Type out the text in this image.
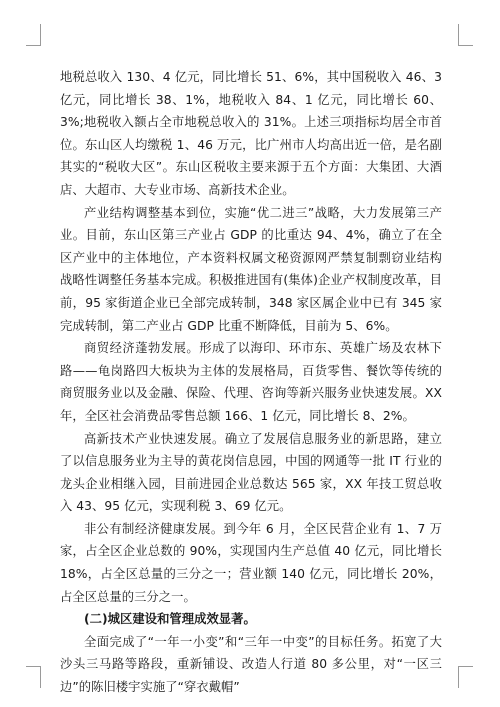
地税总收入 130、4 亿元，同比增长 51、6%，其中国税收入 46、3 亿元，同比增长 38、1%，地税收入 84、1 亿元，同比增长 60、3%;地税收入额占全市地税总收入的 31%。上述三项指标均居全市首位。东山区人均缴税 1、46 万元，比广州市人均高出近一倍，是名副其实的“税收大区”。东山区税收主要来源于五个方面：大集团、大酒店、大超市、大专业市场、高新技术企业。

产业结构调整基本到位，实施“优二进三”战略，大力发展第三产业。目前，东山区第三产业占 GDP 的比重达 94、4%，确立了在全区产业中的主体地位，产本资料权属文秘资源网严禁复制剽窃业结构战略性调整任务基本完成。积极推进国有(集体)企业产权制度改革，目前，95 家街道企业已全部完成转制，348 家区属企业中已有 345 家完成转制，第二产业占 GDP 比重不断降低，目前为 5、6%。

商贸经济蓬勃发展。形成了以海印、环市东、英雄广场及农林下路——龟岗路四大板块为主体的发展格局，百货零售、餐饮等传统的商贸服务业以及金融、保险、代理、咨询等新兴服务业快速发展。XX 年，全区社会消费品零售总额 166、1 亿元，同比增长 8、2%。

高新技术产业快速发展。确立了发展信息服务业的新思路，建立了以信息服务业为主导的黄花岗信息园，中国的网通等一批 IT 行业的龙头企业相继入园，目前进园企业总数达 565 家，XX 年技工贸总收入 43、95 亿元，实现利税 3、69 亿元。

非公有制经济健康发展。到今年 6 月，全区民营企业有 1、7 万家，占全区企业总数的 90%，实现国内生产总值 40 亿元，同比增长 18%，占全区总量的三分之一；营业额 140 亿元，同比增长 20%，占全区总量的三分之一。

(二)城区建设和管理成效显著。

全面完成了“一年一小变”和“三年一中变”的目标任务。拓宽了大沙头三马路等路段，重新铺设、改造人行道 80 多公里，对“一区三边”的陈旧楼宇实施了“穿衣戴帽”
